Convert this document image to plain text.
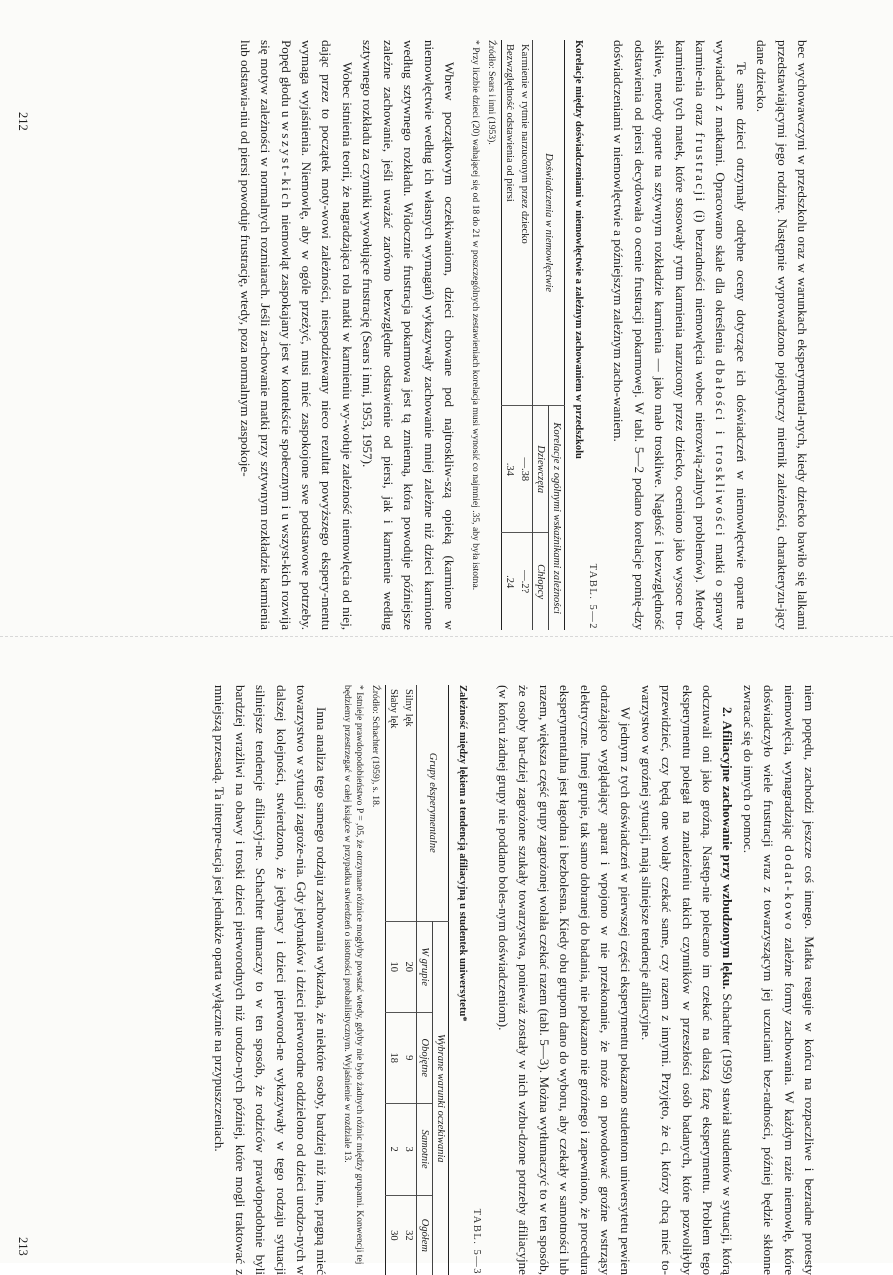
bec wychowawczyni w przedszkolu oraz w warunkach eksperymental-nych, kiedy dziecko bawiło się lalkami przedstawiającymi jego rodzinę. Następnie wyprowadzono pojedynczy miernik zależności, charakteryzu-jący dane dziecko.

Te same dzieci otrzymały odrębne oceny dotyczące ich doświadczeń w niemowlęctwie oparte na wywiadach z matkami. Opracowano skale dla określenia dbałości i troskliwości matki o sprawy karmie-nia oraz frustracji (i) bezradności niemowlęcia wobec nierozwią-zalnych problemów). Metody karmienia tych matek, które stosowały rytm karmienia narzucony przez dziecko, oceniono jako wysoce tro-skliwe, metody oparte na sztywnym rozkładzie karmienia — jako mało troskliwe. Nagłość i bezwzględność odstawienia od piersi decydowała o ocenie frustracji pokarmowej. W tabl. 5—2 podano korelacje pomię-dzy doświadczeniami w niemowlęctwie a późniejszym zależnym zacho-waniem.

TABL. 5—2
Korelacje między doświadczeniami w niemowlęctwie a zależnym zachowaniem w przedszkolu
Doświadczenia w niemowlęctwie	Korelacje z ogólnymi wskaźnikami zależności	
	Dziewczęta	Chłopcy
Karmienie w rytmie narzuconym przez dziecko	—.38	—.2?
Bezwzględność odstawienia od piersi	.34	.24

Źródło: Sears i inni (1953).

* Przy liczbie dzieci (20) wahającej się od 18 do 21 w poszczególnych zestawieniach korelacja musi wynosić co najmniej .35, aby była istotna.

Wbrew początkowym oczekiwaniom, dzieci chowane pod najtroskliw-szą opieką (karmione w niemowlęctwie według ich własnych wymagań) wykazywały zachowanie mniej zależne niż dzieci karmione według sztywnego rozkładu. Widocznie frustracja pokarmowa jest tą zmienną, która powoduje późniejsze zależne zachowanie, jeśli uważać zarówno bezwzględne odstawienie od piersi, jak i karmienie według sztywnego rozkładu za czynniki wywołujące frustrację (Sears i inni, 1953, 1957).

Wobec istnienia teorii, że nagradzająca rola matki w karmieniu wy-wołuje zależność niemowlęcia od niej, dając przez to początek moty-wowi zależności, niespodziewany nieco rezultat powyższego ekspery-mentu wymaga wyjaśnienia. Niemowlę, aby w ogóle przeżyć, musi mieć zaspokojone swe podstawowe potrzeby. Popęd głodu u wszyst-kich niemowląt zaspokajany jest w kontekście społecznym i u wszyst-kich rozwija się motyw zależności w normalnych rozmiarach. Jeśli za-chowanie matki przy sztywnym rozkładzie karmienia lub odstawia-niu od piersi powoduje frustrację, wtedy, poza normalnym zaspokoje-

niem popędu, zachodzi jeszcze coś innego. Matka reaguje w końcu na rozpaczliwe i bezradne protesty niemowlęcia, wynagradzając dodat-kowo zależne formy zachowania. W każdym razie niemowlę, które doświadczyło wiele frustracji wraz z towarzyszącym jej uczuciami bez-radności, później będzie skłonne zwracać się do innych o pomoc.

2. Afiliacyjne zachowanie przy wzbudzonym lęku. Schachter (1959) stawiał studentów w sytuacji, którą odczuwali oni jako groźną. Następ-nie polecano im czekać na dalszą fazę eksperymentu. Problem tego eksperymentu polegał na znalezieniu takich czynników w przeszłości osób badanych, które pozwoliłyby przewidzieć, czy będą one wolały czekać same, czy razem z innymi. Przyjęto, że ci, którzy chcą mieć to-warzystwo w groźnej sytuacji, mają silniejsze tendencje afiliacyjne.

W jednym z tych doświadczeń w pierwszej części eksperymentu pokazano studentom uniwersytetu pewien odrażająco wyglądający aparat i wpojono w nie przekonanie, że może on powodować groźne wstrząsy elektryczne. Innej grupie, tak samo dobranej do badania, nie pokazano nie groźnego i zapewniono, że procedura eksperymentalna jest łagodna i bezbolesna. Kiedy obu grupom dano do wyboru, aby czekały w samotności lub razem, większa część grupy zagrożonej wolała czekać razem (tabl. 5—3). Można wytłumaczyć to w ten sposób, że osoby bar-dziej zagrożone szukały towarzystwa, ponieważ zostały w nich wzbu-dzone potrzeby afiliacyjne (w końcu żadnej grupy nie poddano boles-nym doświadczeniom).

TABL. 5—3
Zależność między lękiem a tendencją afiliacyjną u studentek uniwersytetu*
Grupy eksperymentalne	Wybrane warunki oczekiwania			
	W grupie	Obojętne	Samotnie	Ogółem
Silny lęk	20	9	3	32
Słaby lęk	10	18	2	30

Źródło: Schachter (1959), s. 18.

* Istnieje prawdopodobieństwo P = ,05, że otrzymane różnice mogłyby powstać wtedy, gdyby nie było żadnych różnic między grupami. Konwencji tej będziemy przestrzegać w całej książce w przypadku stwierdzeń o istotności probabilistycznym. Wyjaśnienie w rozdziale 13.

Inna analiza tego samego rodzaju zachowania wykazała, że niektóre osoby, bardziej niż inne, pragną mieć towarzystwo w sytuacji zagroże-nia. Gdy jedynaków i dzieci pierworodne oddzielono od dzieci urodzo-nych w dalszej kolejności, stwierdzono, że jedynacy i dzieci pierworod-ne wykazywały w tego rodzaju sytuacji silniejsze tendencje afiliacyj-ne. Schachter tłumaczy to w ten sposób, że rodziców prawdopodobnie byli bardziej wrażliwi na obawy i troski dzieci pierworodnych niż urodzo-nych później, które mogli traktować z mniejszą przesadą. Ta interpre-tacja jest jednakże oparta wyłącznie na przypuszczeniach.

212
213
